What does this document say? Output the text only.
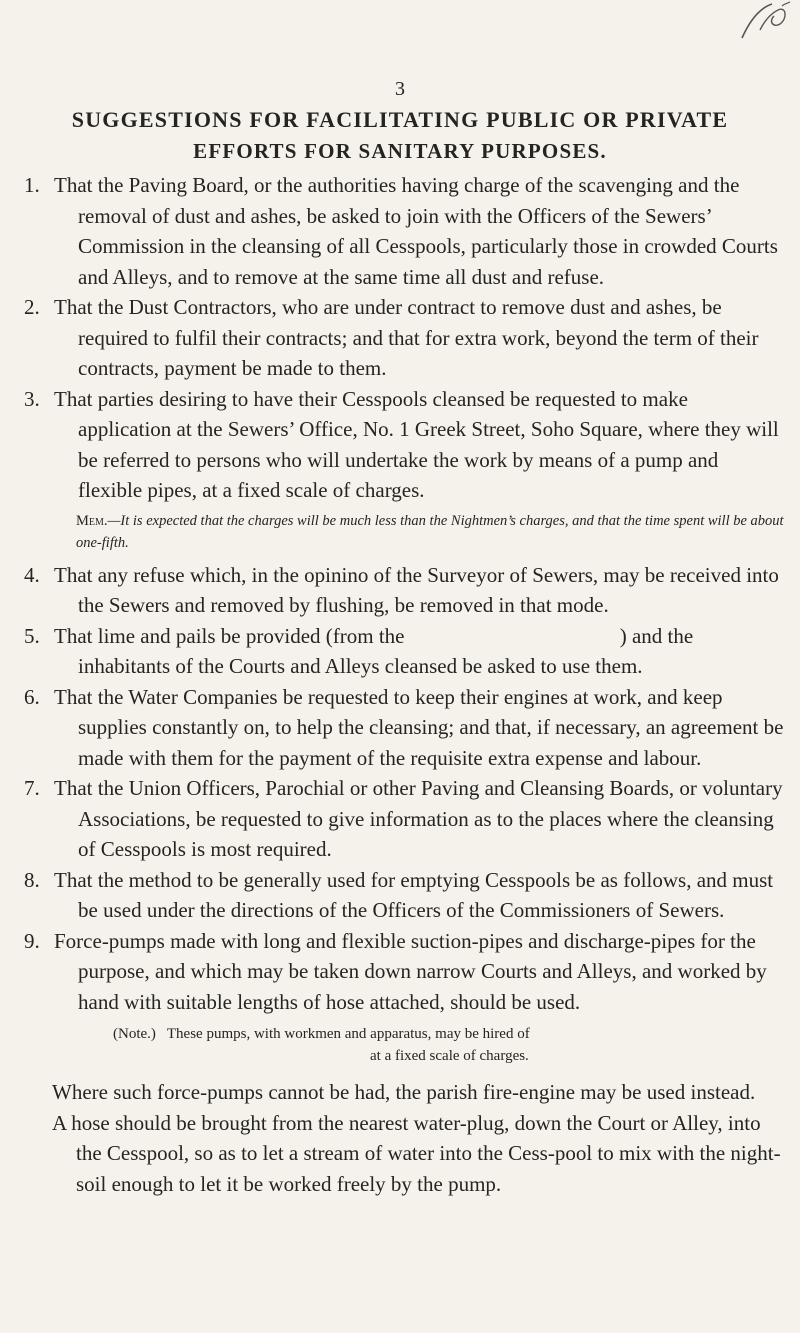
3
SUGGESTIONS FOR FACILITATING PUBLIC OR PRIVATE
EFFORTS FOR SANITARY PURPOSES.

1. That the Paving Board, or the authorities having charge of the scavenging and the removal of dust and ashes, be asked to join with the Officers of the Sewers’ Commission in the cleansing of all Cesspools, particularly those in crowded Courts and Alleys, and to remove at the same time all dust and refuse.

2. That the Dust Contractors, who are under contract to remove dust and ashes, be required to fulfil their contracts; and that for extra work, beyond the term of their contracts, payment be made to them.

3. That parties desiring to have their Cesspools cleansed be requested to make application at the Sewers’ Office, No. 1 Greek Street, Soho Square, where they will be referred to persons who will undertake the work by means of a pump and flexible pipes, at a fixed scale of charges.

Mem.—It is expected that the charges will be much less than the Nightmen’s charges, and that the time spent will be about one-fifth.

4. That any refuse which, in the opinino of the Surveyor of Sewers, may be received into the Sewers and removed by flushing, be removed in that mode.

5. That lime and pails be provided (from the                                         ) and the inhabitants of the Courts and Alleys cleansed be asked to use them.

6. That the Water Companies be requested to keep their engines at work, and keep supplies constantly on, to help the cleansing; and that, if necessary, an agreement be made with them for the payment of the requisite extra expense and labour.

7. That the Union Officers, Parochial or other Paving and Cleansing Boards, or voluntary Associations, be requested to give information as to the places where the cleansing of Cesspools is most required.

8. That the method to be generally used for emptying Cesspools be as follows, and must be used under the directions of the Officers of the Commissioners of Sewers.

9. Force-pumps made with long and flexible suction-pipes and discharge-pipes for the purpose, and which may be taken down narrow Courts and Alleys, and worked by hand with suitable lengths of hose attached, should be used.

(Note.)   These pumps, with workmen and apparatus, may be hired of
at a fixed scale of charges.

Where such force-pumps cannot be had, the parish fire-engine may be used instead.

A hose should be brought from the nearest water-plug, down the Court or Alley, into the Cesspool, so as to let a stream of water into the Cess-pool to mix with the night-soil enough to let it be worked freely by the pump.
